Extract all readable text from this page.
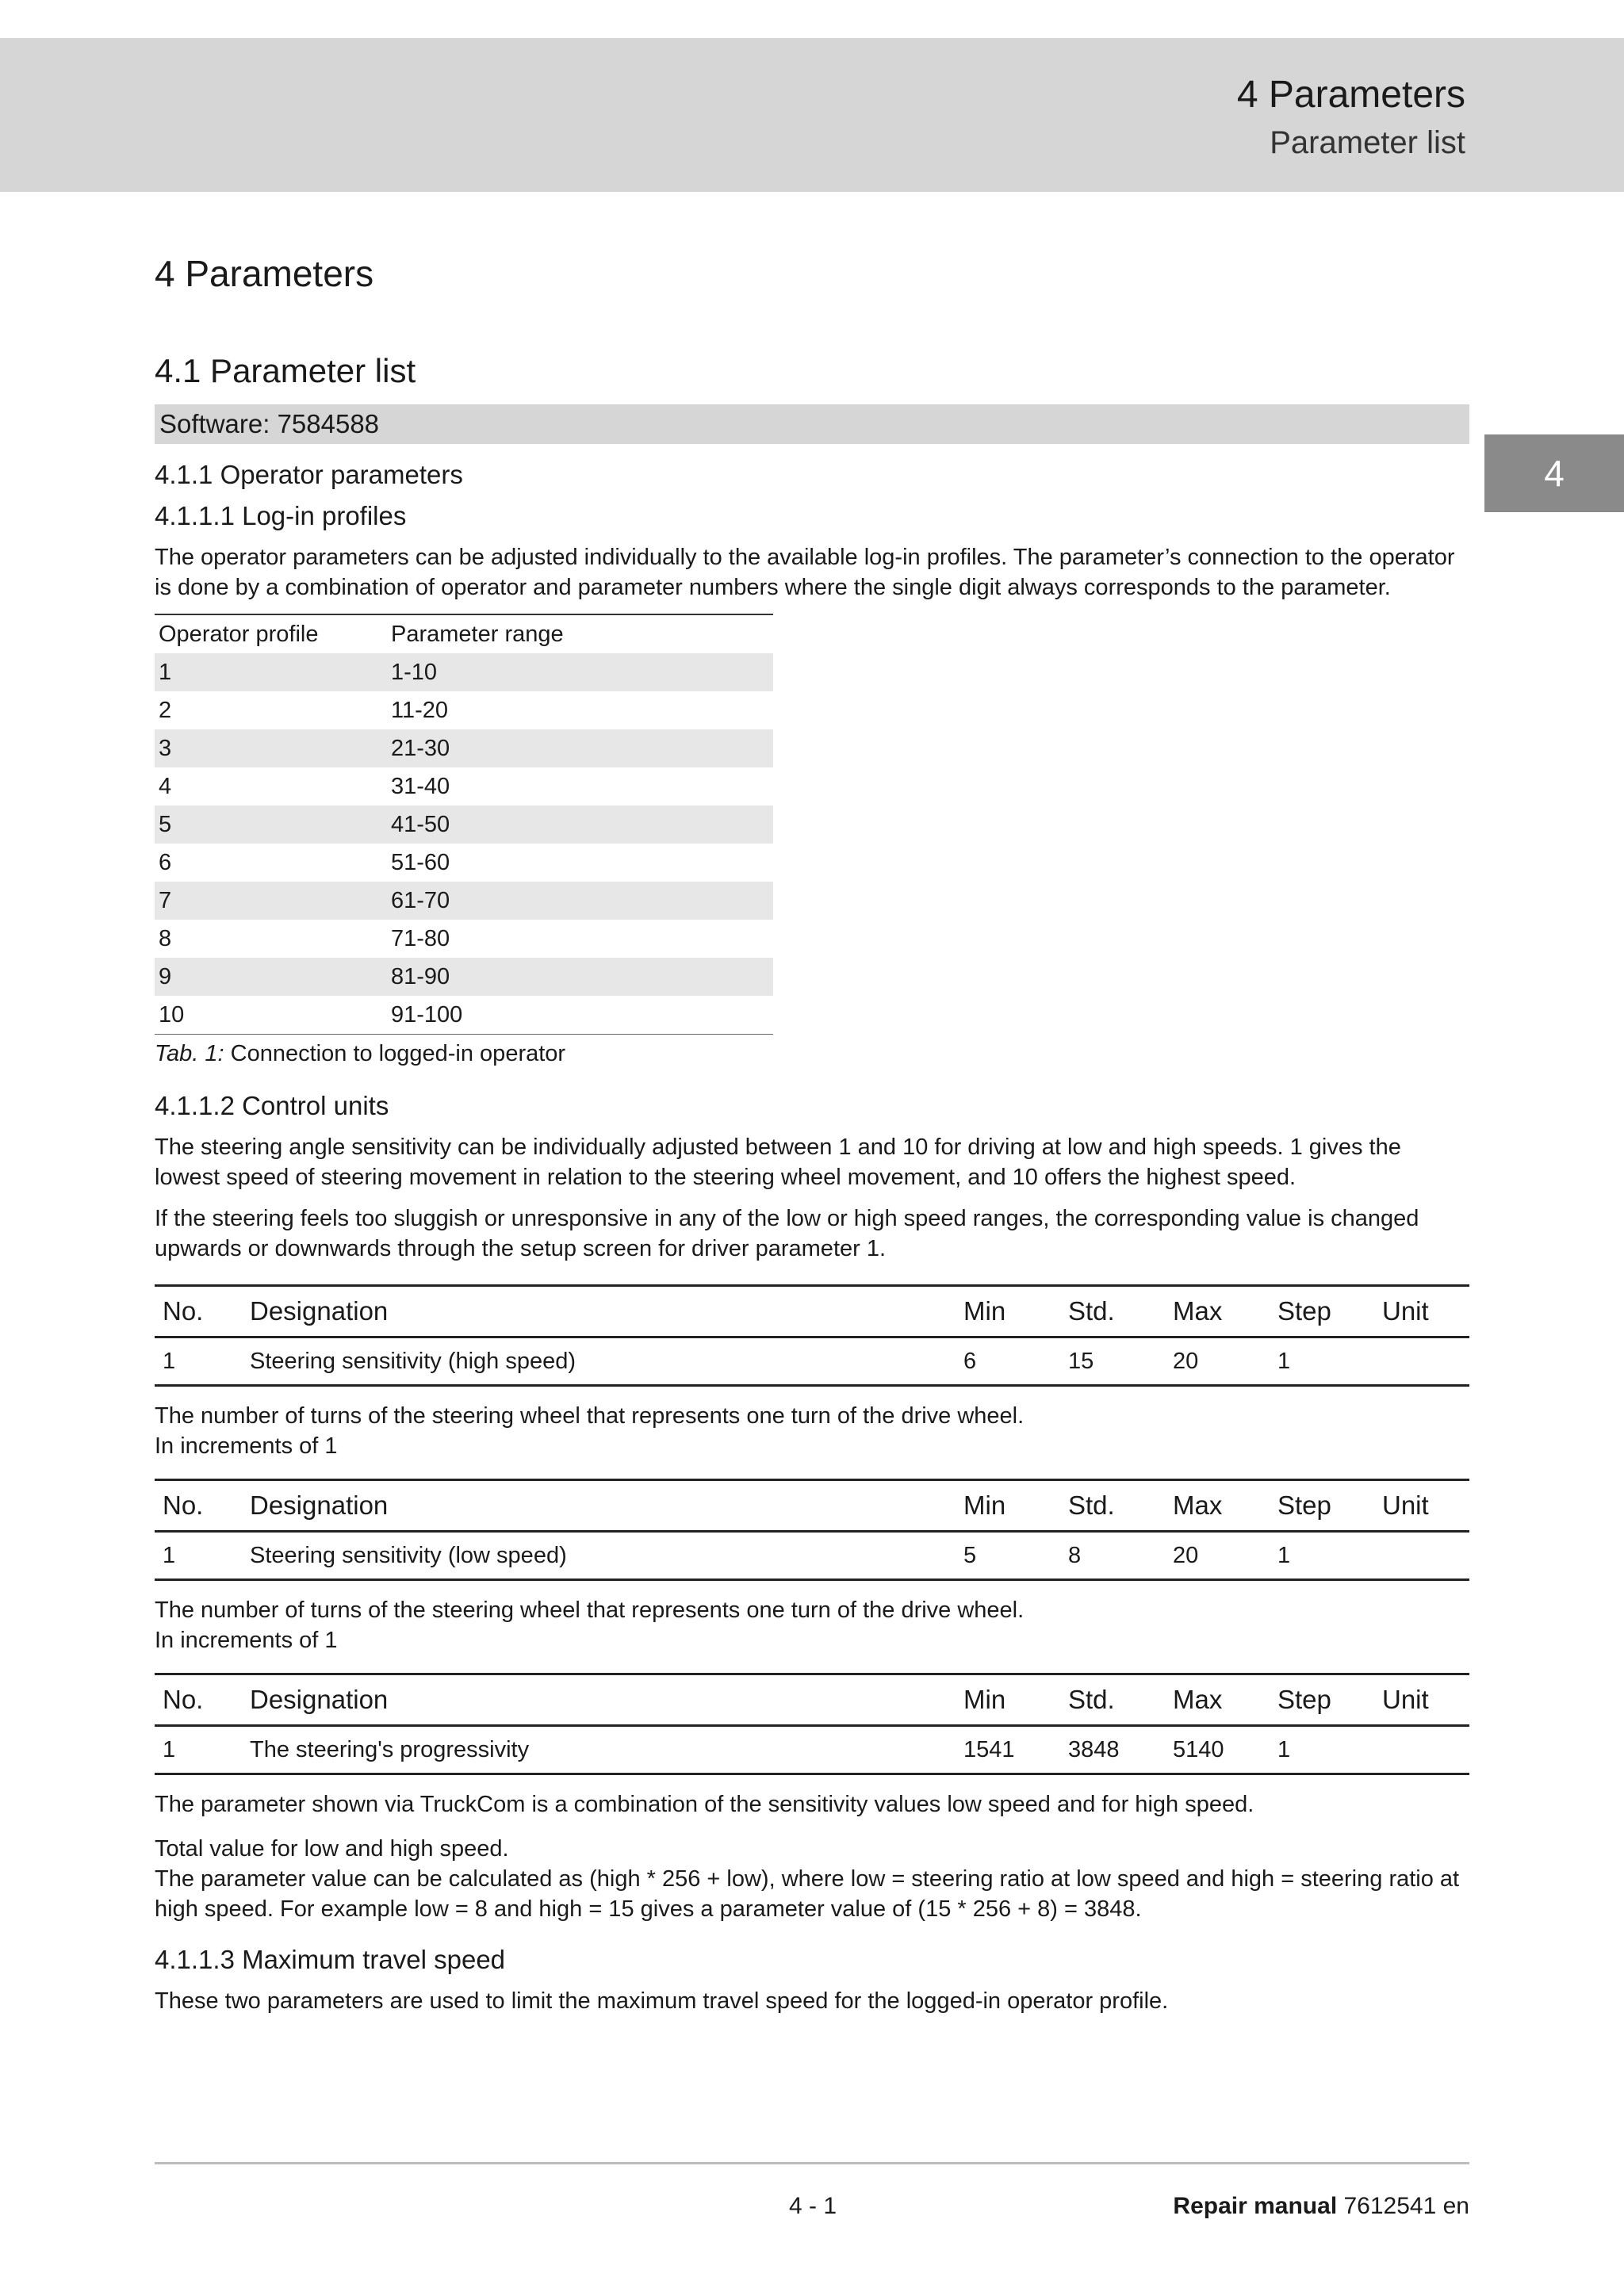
4 Parameters
Parameter list
4
4 Parameters
4.1 Parameter list
Software: 7584588
4.1.1 Operator parameters
4.1.1.1 Log-in profiles

The operator parameters can be adjusted individually to the available log-in profiles. The parameter’s connection to the operator is done by a combination of operator and parameter numbers where the single digit always corresponds to the parameter.

Operator profile	Parameter range
1	1-10
2	11-20
3	21-30
4	31-40
5	41-50
6	51-60
7	61-70
8	71-80
9	81-90
10	91-100
Tab. 1: Connection to logged-in operator
4.1.1.2 Control units

The steering angle sensitivity can be individually adjusted between 1 and 10 for driving at low and high speeds. 1 gives the lowest speed of steering movement in relation to the steering wheel movement, and 10 offers the highest speed.

If the steering feels too sluggish or unresponsive in any of the low or high speed ranges, the corresponding value is changed upwards or downwards through the setup screen for driver parameter 1.

No.	Designation	Min	Std.	Max	Step	Unit
1	Steering sensitivity (high speed)	6	15	20	1	

The number of turns of the steering wheel that represents one turn of the drive wheel.
In increments of 1

No.	Designation	Min	Std.	Max	Step	Unit
1	Steering sensitivity (low speed)	5	8	20	1	

The number of turns of the steering wheel that represents one turn of the drive wheel.
In increments of 1

No.	Designation	Min	Std.	Max	Step	Unit
1	The steering's progressivity	1541	3848	5140	1	

The parameter shown via TruckCom is a combination of the sensitivity values low speed and for high speed.

Total value for low and high speed.
The parameter value can be calculated as (high * 256 + low), where low = steering ratio at low speed and high = steering ratio at high speed. For example low = 8 and high = 15 gives a parameter value of (15 * 256 + 8) = 3848.

4.1.1.3 Maximum travel speed

These two parameters are used to limit the maximum travel speed for the logged-in operator profile.

4 - 1	Repair manual 7612541 en
